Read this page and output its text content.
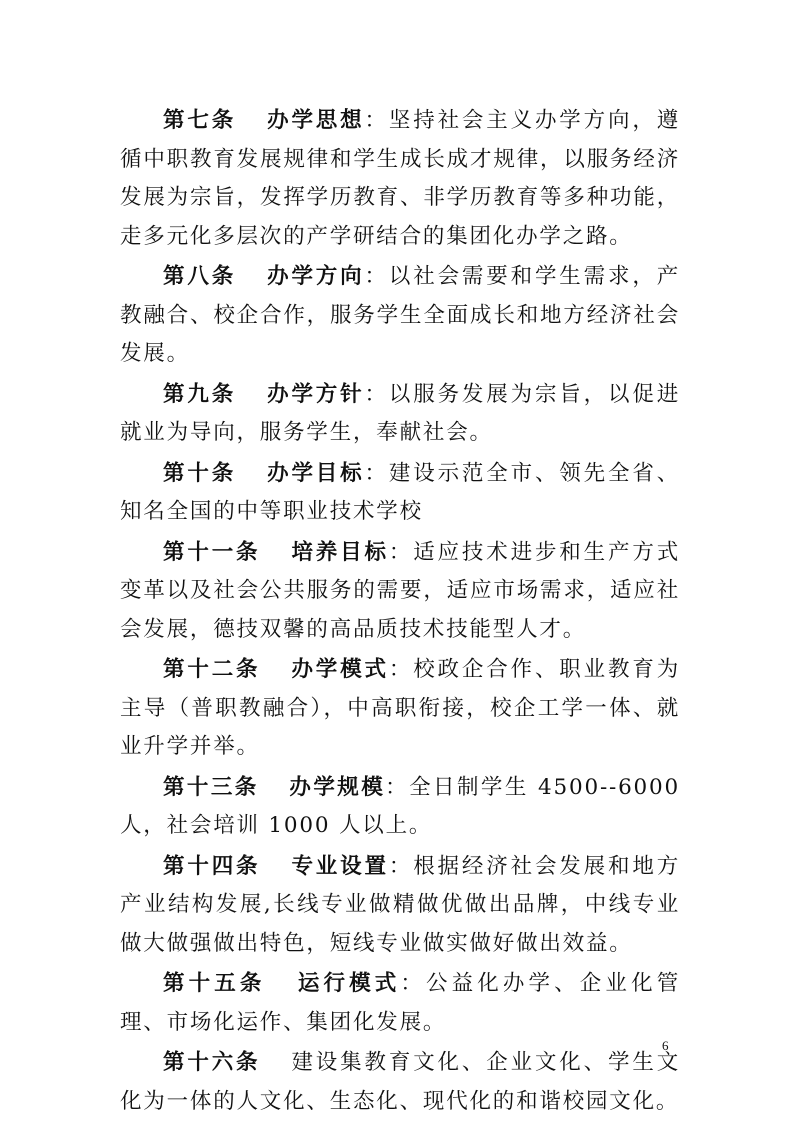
第七条 办学思想：坚持社会主义办学方向，遵循中职教育发展规律和学生成长成才规律，以服务经济发展为宗旨，发挥学历教育、非学历教育等多种功能，走多元化多层次的产学研结合的集团化办学之路。

第八条 办学方向：以社会需要和学生需求，产教融合、校企合作，服务学生全面成长和地方经济社会发展。

第九条 办学方针：以服务发展为宗旨，以促进就业为导向，服务学生，奉献社会。

第十条 办学目标：建设示范全市、领先全省、知名全国的中等职业技术学校

第十一条 培养目标：适应技术进步和生产方式变革以及社会公共服务的需要，适应市场需求，适应社会发展，德技双馨的高品质技术技能型人才。

第十二条 办学模式：校政企合作、职业教育为主导（普职教融合），中高职衔接，校企工学一体、就业升学并举。

第十三条 办学规模：全日制学生 4500--6000 人，社会培训 1000 人以上。

第十四条 专业设置：根据经济社会发展和地方产业结构发展,长线专业做精做优做出品牌，中线专业做大做强做出特色，短线专业做实做好做出效益。

第十五条 运行模式：公益化办学、企业化管理、市场化运作、集团化发展。

第十六条 建设集教育文化、企业文化、学生文化为一体的人文化、生态化、现代化的和谐校园文化。

6
